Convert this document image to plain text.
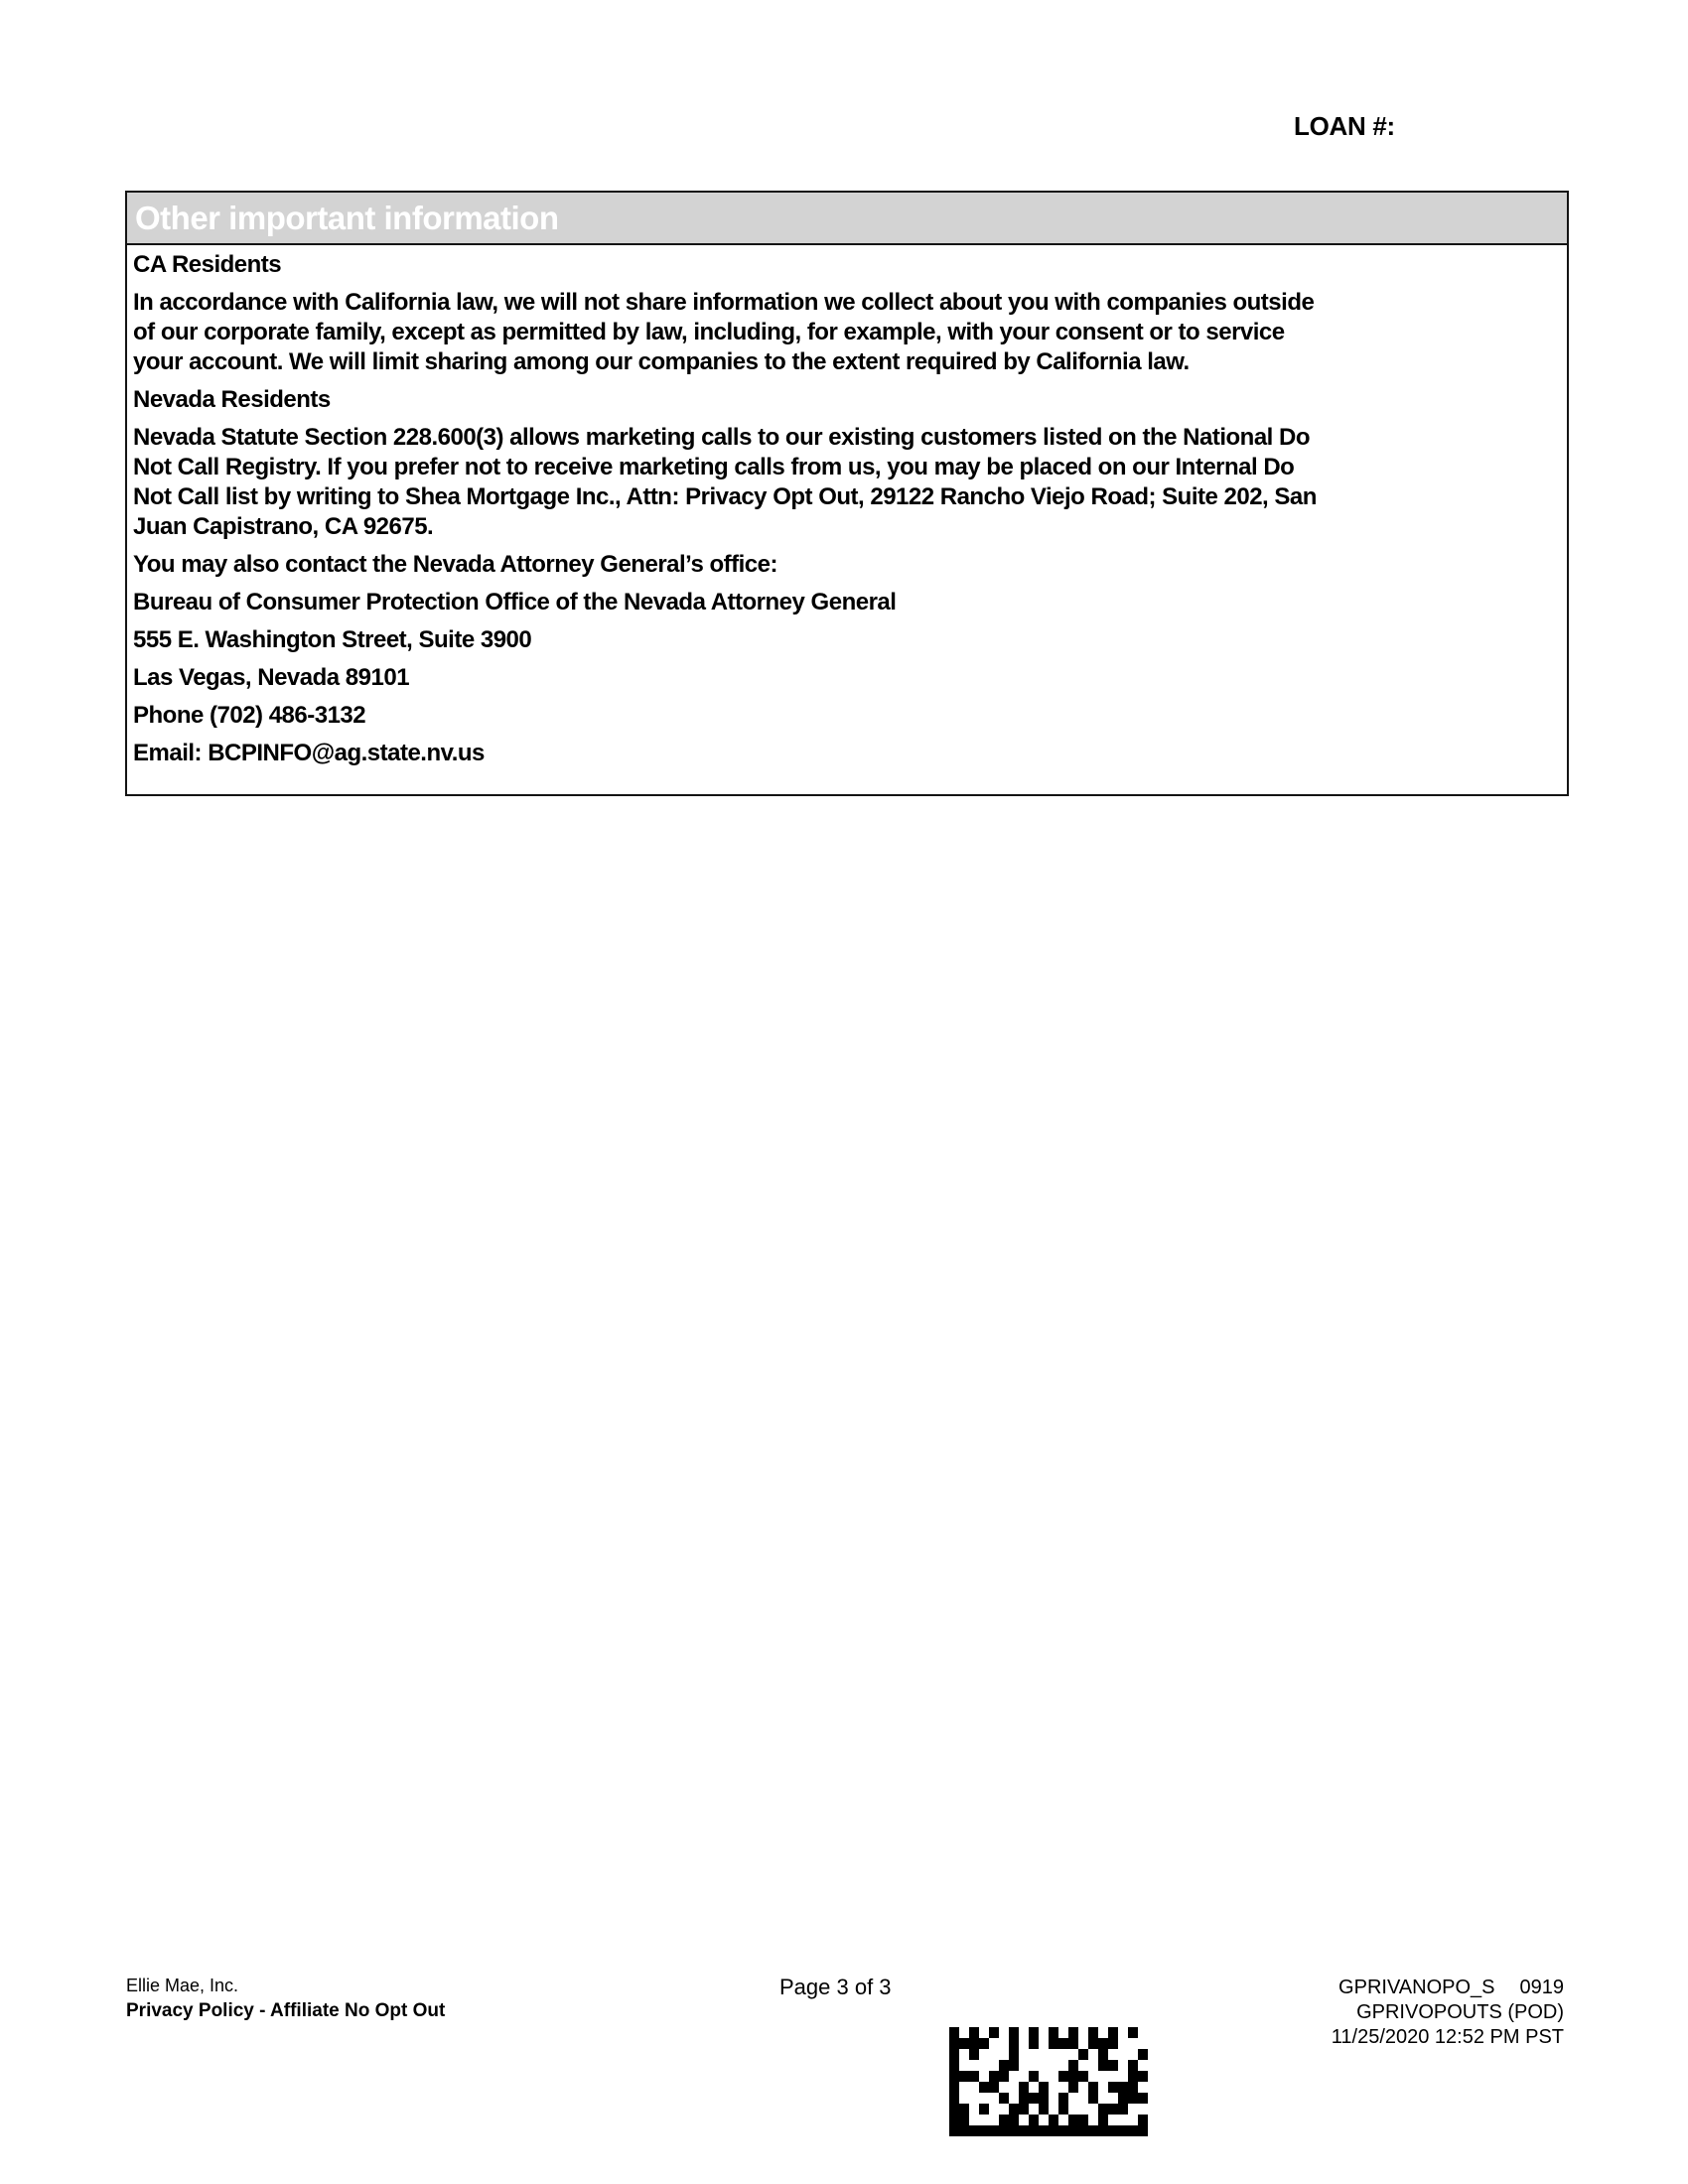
LOAN #:
Other important information
CA Residents
In accordance with California law, we will not share information we collect about you with companies outside
of our corporate family, except as permitted by law, including, for example, with your consent or to service
your account. We will limit sharing among our companies to the extent required by California law.
Nevada Residents
Nevada Statute Section 228.600(3) allows marketing calls to our existing customers listed on the National Do
Not Call Registry. If you prefer not to receive marketing calls from us, you may be placed on our Internal Do
Not Call list by writing to Shea Mortgage Inc., Attn: Privacy Opt Out, 29122 Rancho Viejo Road; Suite 202, San
Juan Capistrano, CA 92675.
You may also contact the Nevada Attorney General’s office:
Bureau of Consumer Protection Office of the Nevada Attorney General
555 E. Washington Street, Suite 3900
Las Vegas, Nevada 89101
Phone (702) 486-3132
Email: BCPINFO@ag.state.nv.us
Ellie Mae, Inc.
Privacy Policy - Affiliate No Opt Out
Page 3 of 3	GPRIVANOPO_S 0919
GPRIVOPOUTS (POD)
11/25/2020 12:52 PM PST
